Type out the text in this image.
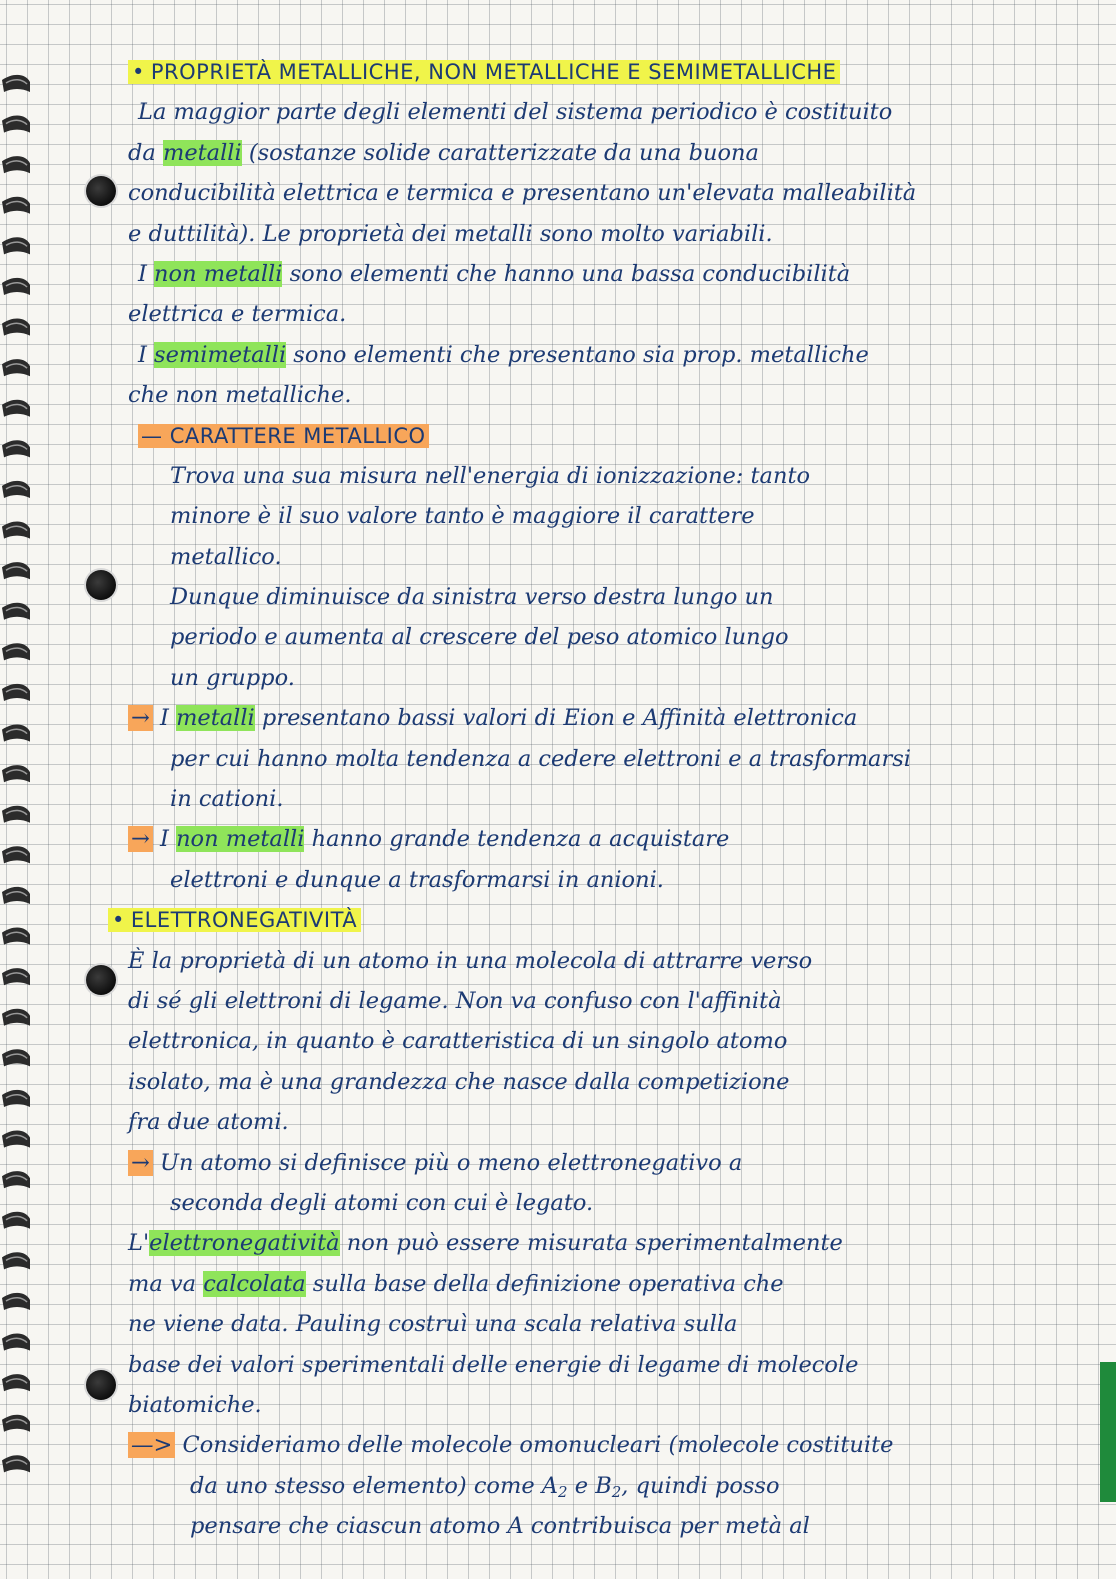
• PROPRIETÀ METALLICHE, NON METALLICHE E SEMIMETALLICHE
La maggior parte degli elementi del sistema periodico è costituito
da metalli (sostanze solide caratterizzate da una buona
conducibilità elettrica e termica e presentano un'elevata malleabilità
e duttilità). Le proprietà dei metalli sono molto variabili.
I non metalli sono elementi che hanno una bassa conducibilità
elettrica e termica.
I semimetalli sono elementi che presentano sia prop. metalliche
che non metalliche.
— CARATTERE METALLICO
Trova una sua misura nell'energia di ionizzazione: tanto
minore è il suo valore tanto è maggiore il carattere
metallico.
Dunque diminuisce da sinistra verso destra lungo un
periodo e aumenta al crescere del peso atomico lungo
un gruppo.
→ I metalli presentano bassi valori di Eion e Affinità elettronica
per cui hanno molta tendenza a cedere elettroni e a trasformarsi
in cationi.
→ I non metalli hanno grande tendenza a acquistare
elettroni e dunque a trasformarsi in anioni.
• ELETTRONEGATIVITÀ
È la proprietà di un atomo in una molecola di attrarre verso
di sé gli elettroni di legame. Non va confuso con l'affinità
elettronica, in quanto è caratteristica di un singolo atomo
isolato, ma è una grandezza che nasce dalla competizione
fra due atomi.
→ Un atomo si definisce più o meno elettronegativo a
seconda degli atomi con cui è legato.
L'elettronegatività non può essere misurata sperimentalmente
ma va calcolata sulla base della definizione operativa che
ne viene data. Pauling costruì una scala relativa sulla
base dei valori sperimentali delle energie di legame di molecole
biatomiche.
—> Consideriamo delle molecole omonucleari (molecole costituite
da uno stesso elemento) come $A_2$ e $B_2$, quindi posso
pensare che ciascun atomo A contribuisca per metà al
